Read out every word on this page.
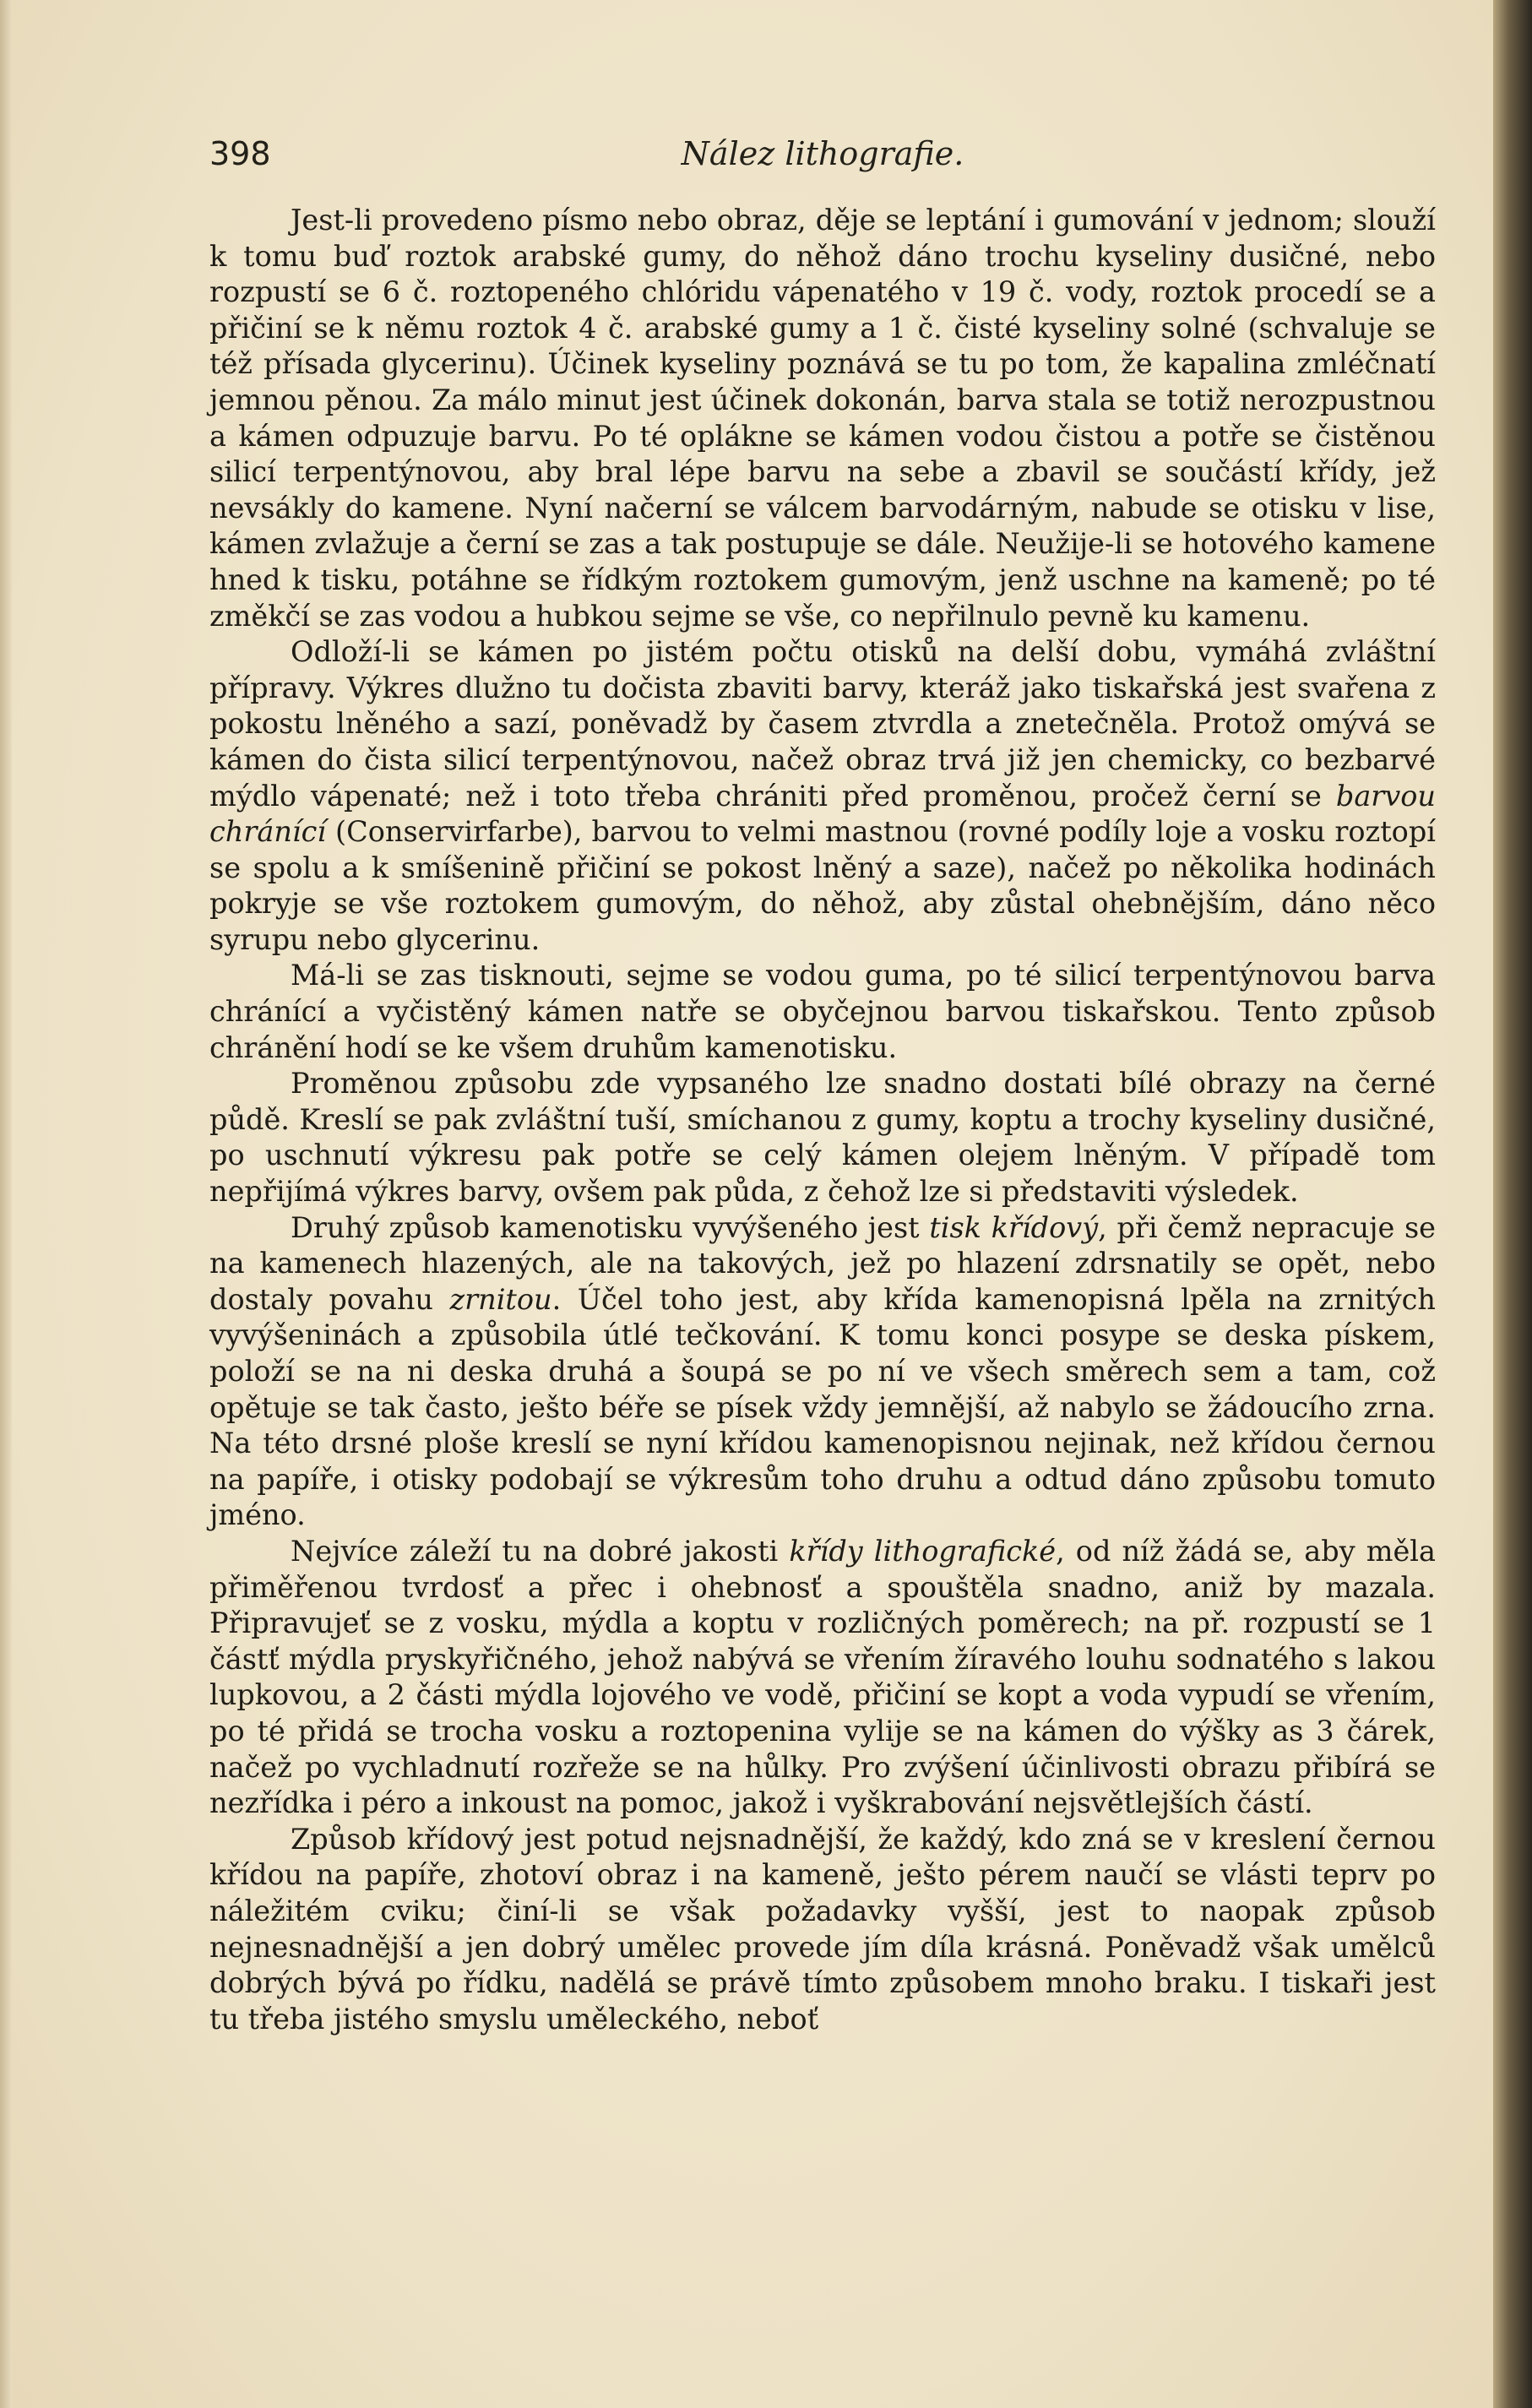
398	Nález lithografie.

Jest-li provedeno písmo nebo obraz, děje se leptání i gumování v jednom; slouží k tomu buď roztok arabské gumy, do něhož dáno trochu kyseliny dusičné, nebo rozpustí se 6 č. roztopeného chlóridu vápenatého v 19 č. vody, roztok procedí se a přičiní se k němu roztok 4 č. arabské gumy a 1 č. čisté kyseliny solné (schvaluje se též přísada glycerinu). Účinek kyseliny poznává se tu po tom, že kapalina zmléčnatí jemnou pěnou. Za málo minut jest účinek dokonán, barva stala se totiž nerozpustnou a kámen odpuzuje barvu. Po té opláknе se kámen vodou čistou a potře se čistěnou silicí terpentýnovou, aby bral lépe barvu na sebe a zbavil se součástí křídy, jež nevsákly do kamene. Nyní načerní se válcem barvodárným, nabude se otisku v lise, kámen zvlažuje a černí se zas a tak postupuje se dále. Neužije-li se hotového kamene hned k tisku, potáhne se řídkým roztokem gumovým, jenž uschne na kameně; po té změkčí se zas vodou a hubkou sejme se vše, co nepřilnulo pevně ku kamenu.

Odloží-li se kámen po jistém počtu otisků na delší dobu, vymáhá zvláštní přípravy. Výkres dlužno tu dočista zbaviti barvy, kteráž jako tiskařská jest svařena z pokostu lněného a sazí, poněvadž by časem ztvrdla a znetečněla. Protož omývá se kámen do čista silicí terpentýnovou, načež obraz trvá již jen chemicky, co bezbarvé mýdlo vápenaté; než i toto třeba chrániti před proměnou, pročež černí se barvou chránící (Conservirfarbe), barvou to velmi mastnou (rovné podíly loje a vosku roztopí se spolu a k smíšenině přičiní se pokost lněný a saze), načež po několika hodinách pokryje se vše roztokem gumovým, do něhož, aby zůstal ohebnějším, dáno něco syrupu nebo glycerinu.

Má-li se zas tisknouti, sejme se vodou guma, po té silicí terpentýnovou barva chránící a vyčistěný kámen natře se obyčejnou barvou tiskařskou. Tento způsob chránění hodí se ke všem druhům kamenotisku.

Proměnou způsobu zde vypsaného lze snadno dostati bílé obrazy na černé půdě. Kreslí se pak zvláštní tuší, smíchanou z gumy, koptu a trochy kyseliny dusičné, po uschnutí výkresu pak potře se celý kámen olejem lněným. V případě tom nepřijímá výkres barvy, ovšem pak půda, z čehož lze si představiti výsledek.

Druhý způsob kamenotisku vyvýšeného jest tisk křídový, při čemž nepracuje se na kamenech hlazených, ale na takových, jež po hlazení zdrsnatily se opět, nebo dostaly povahu zrnitou. Účel toho jest, aby křída kamenopisná lpěla na zrnitých vyvýšeninách a způsobila útlé tečkování. K tomu konci posype se deska pískem, položí se na ni deska druhá a šoupá se po ní ve všech směrech sem a tam, což opětuje se tak často, ješto béře se písek vždy jemnější, až nabylo se žádoucího zrna. Na této drsné ploše kreslí se nyní křídou kamenopisnou nejinak, než křídou černou na papíře, i otisky podobají se výkresům toho druhu a odtud dáno způsobu tomuto jméno.

Nejvíce záleží tu na dobré jakosti křídy lithografické, od níž žádá se, aby měla přiměřenou tvrdosť a přec i ohebnosť a spouštěla snadno, aniž by mazala. Připravujeť se z vosku, mýdla a koptu v rozličných poměrech; na př. rozpustí se 1 částť mýdla pryskyřičného, jehož nabývá se vřením žíravého louhu sodnatého s lakou lupkovou, a 2 části mýdla lojového ve vodě, přičiní se kopt a voda vypudí se vřením, po té přidá se trocha vosku a roztopenina vylije se na kámen do výšky as 3 čárek, načež po vychladnutí rozřeže se na hůlky. Pro zvýšení účinlivosti obrazu přibírá se nezřídka i péro a inkoust na pomoc, jakož i vyškrabování nejsvětlejších částí.

Způsob křídový jest potud nejsnadnější, že každý, kdo zná se v kreslení černou křídou na papíře, zhotoví obraz i na kameně, ješto pérem naučí se vlásti teprv po náležitém cviku; činí-li se však požadavky vyšší, jest to naopak způsob nejnesnadnější a jen dobrý umělec provede jím díla krásná. Poněvadž však umělců dobrých bývá po řídku, nadělá se právě tímto způsobem mnoho braku. I tiskaři jest tu třeba jistého smyslu uměleckého, neboť
